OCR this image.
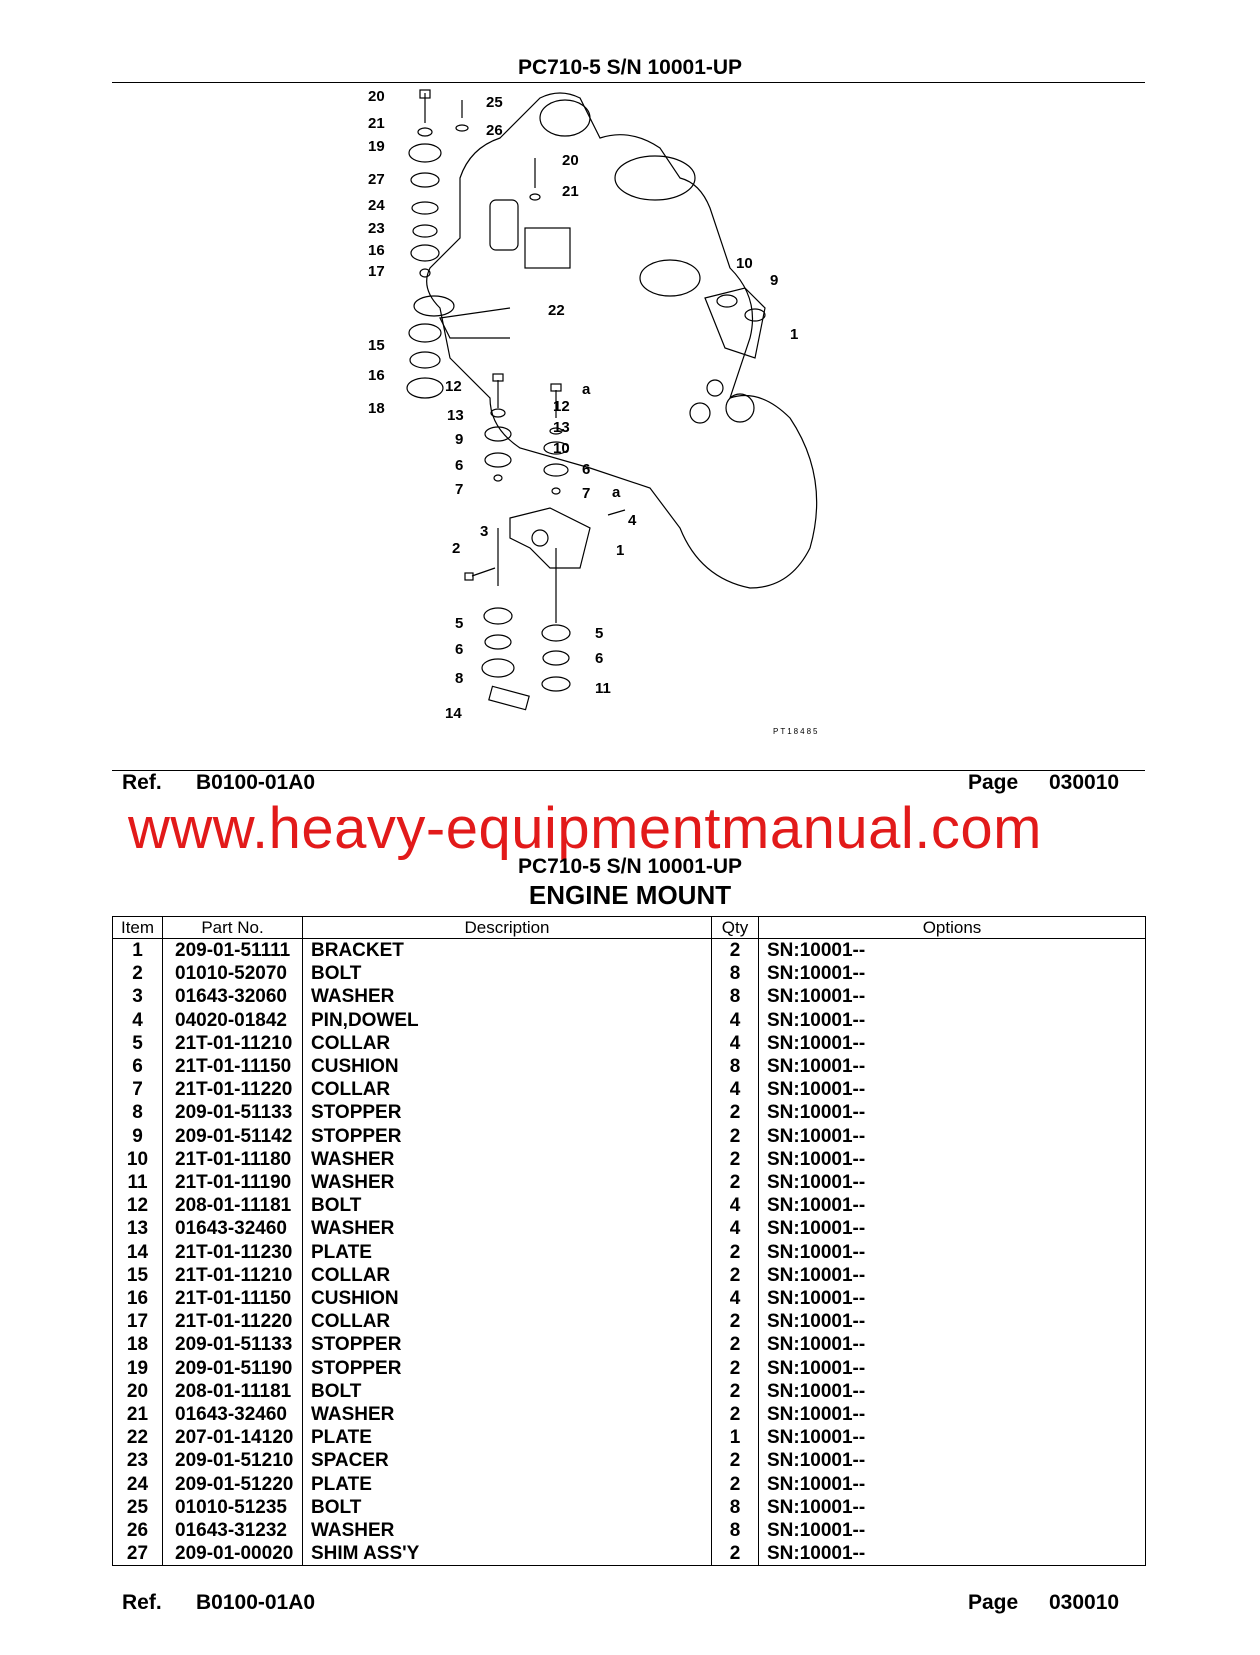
PC710-5 S/N 10001-UP
20	25
21	26
19
20
27
21
24
23
16
17
22
10
9
1
15
16
18
12	a
12
13
13
9
10
6	6
7	7 a
4
1
3
2
5
5
6
6
8
11
14
PT18485
Ref. B0100-01A0	Page 030010
www.heavy-equipmentmanual.com
PC710-5 S/N 10001-UP
ENGINE MOUNT
Item	Part No.	Description	Qty	Options
1	209-01-51111	BRACKET	2	SN:10001--
2	01010-52070	BOLT	8	SN:10001--
3	01643-32060	WASHER	8	SN:10001--
4	04020-01842	PIN,DOWEL	4	SN:10001--
5	21T-01-11210	COLLAR	4	SN:10001--
6	21T-01-11150	CUSHION	8	SN:10001--
7	21T-01-11220	COLLAR	4	SN:10001--
8	209-01-51133	STOPPER	2	SN:10001--
9	209-01-51142	STOPPER	2	SN:10001--
10	21T-01-11180	WASHER	2	SN:10001--
11	21T-01-11190	WASHER	2	SN:10001--
12	208-01-11181	BOLT	4	SN:10001--
13	01643-32460	WASHER	4	SN:10001--
14	21T-01-11230	PLATE	2	SN:10001--
15	21T-01-11210	COLLAR	2	SN:10001--
16	21T-01-11150	CUSHION	4	SN:10001--
17	21T-01-11220	COLLAR	2	SN:10001--
18	209-01-51133	STOPPER	2	SN:10001--
19	209-01-51190	STOPPER	2	SN:10001--
20	208-01-11181	BOLT	2	SN:10001--
21	01643-32460	WASHER	2	SN:10001--
22	207-01-14120	PLATE	1	SN:10001--
23	209-01-51210	SPACER	2	SN:10001--
24	209-01-51220	PLATE	2	SN:10001--
25	01010-51235	BOLT	8	SN:10001--
26	01643-31232	WASHER	8	SN:10001--
27	209-01-00020	SHIM ASS'Y	2	SN:10001--
Ref. B0100-01A0	Page 030010
